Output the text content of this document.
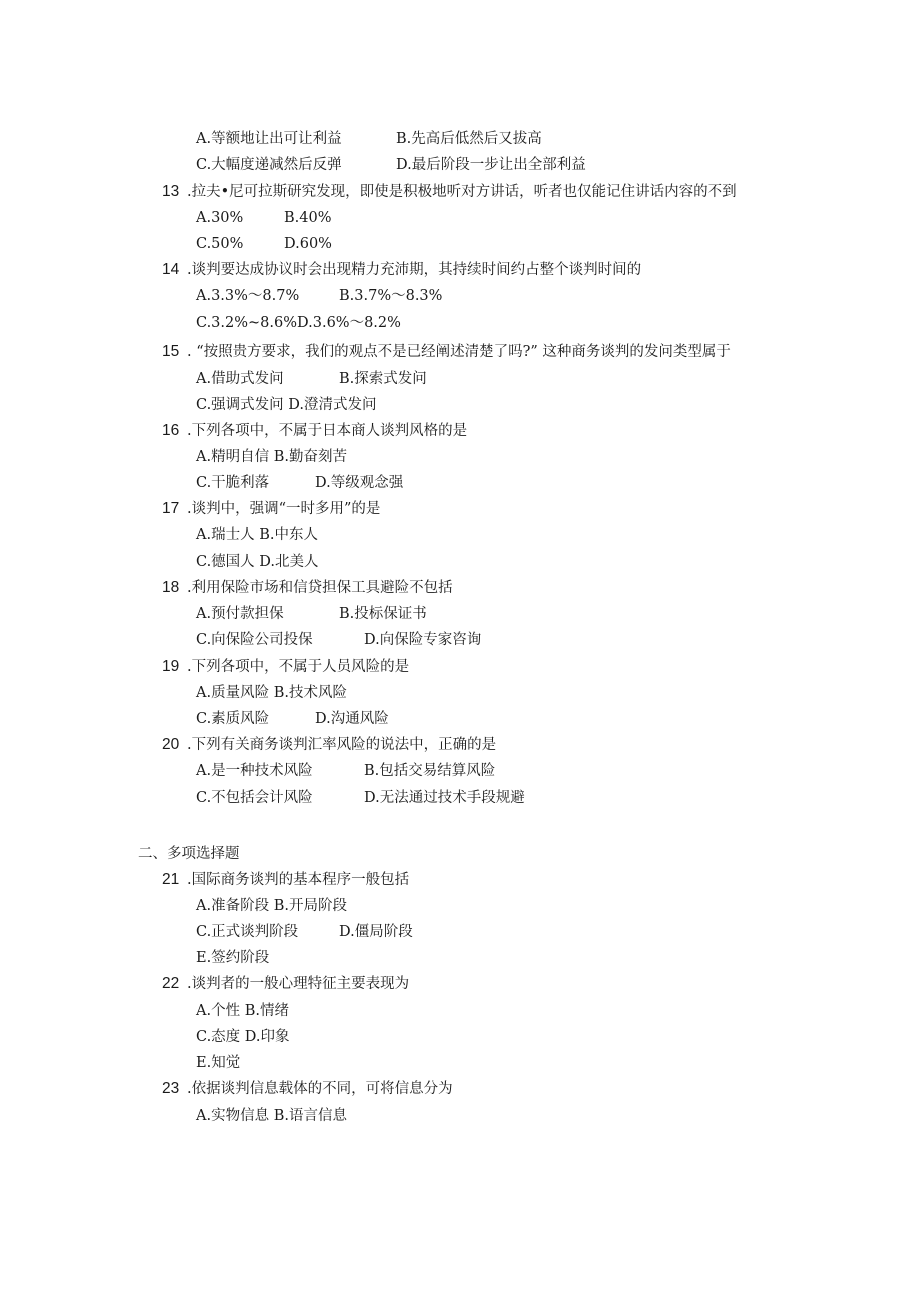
A.等额地让出可让利益	B.先高后低然后又拔高
C.大幅度递减然后反弹	D.最后阶段一步让出全部利益
13 .拉夫•尼可拉斯研究发现，即使是积极地听对方讲话，听者也仅能记住讲话内容的不到
A.30%	B.40%
C.50%	D.60%
14 .谈判要达成协议时会出现精力充沛期，其持续时间约占整个谈判时间的
A.3.3%～8.7%	B.3.7%～8.3%
C.3.2%~8.6%D.3.6%～8.2%
15 . “按照贵方要求，我们的观点不是已经阐述清楚了吗?” 这种商务谈判的发问类型属于
A.借助式发问	B.探索式发问
C.强调式发问 D.澄清式发问
16 .下列各项中，不属于日本商人谈判风格的是
A.精明自信 B.勤奋刻苦
C.干脆利落	D.等级观念强
17 .谈判中，强调“一时多用”的是
A.瑞士人 B.中东人
C.德国人 D.北美人
18 .利用保险市场和信贷担保工具避险不包括
A.预付款担保	B.投标保证书
C.向保险公司投保	D.向保险专家咨询
19 .下列各项中，不属于人员风险的是
A.质量风险 B.技术风险
C.素质风险	D.沟通风险
20 .下列有关商务谈判汇率风险的说法中，正确的是
A.是一种技术风险	B.包括交易结算风险
C.不包括会计风险	D.无法通过技术手段规避
二、多项选择题
21 .国际商务谈判的基本程序一般包括
A.准备阶段 B.开局阶段
C.正式谈判阶段	D.僵局阶段
E.签约阶段
22 .谈判者的一般心理特征主要表现为
A.个性 B.情绪
C.态度 D.印象
E.知觉
23 .依据谈判信息载体的不同，可将信息分为
A.实物信息 B.语言信息
